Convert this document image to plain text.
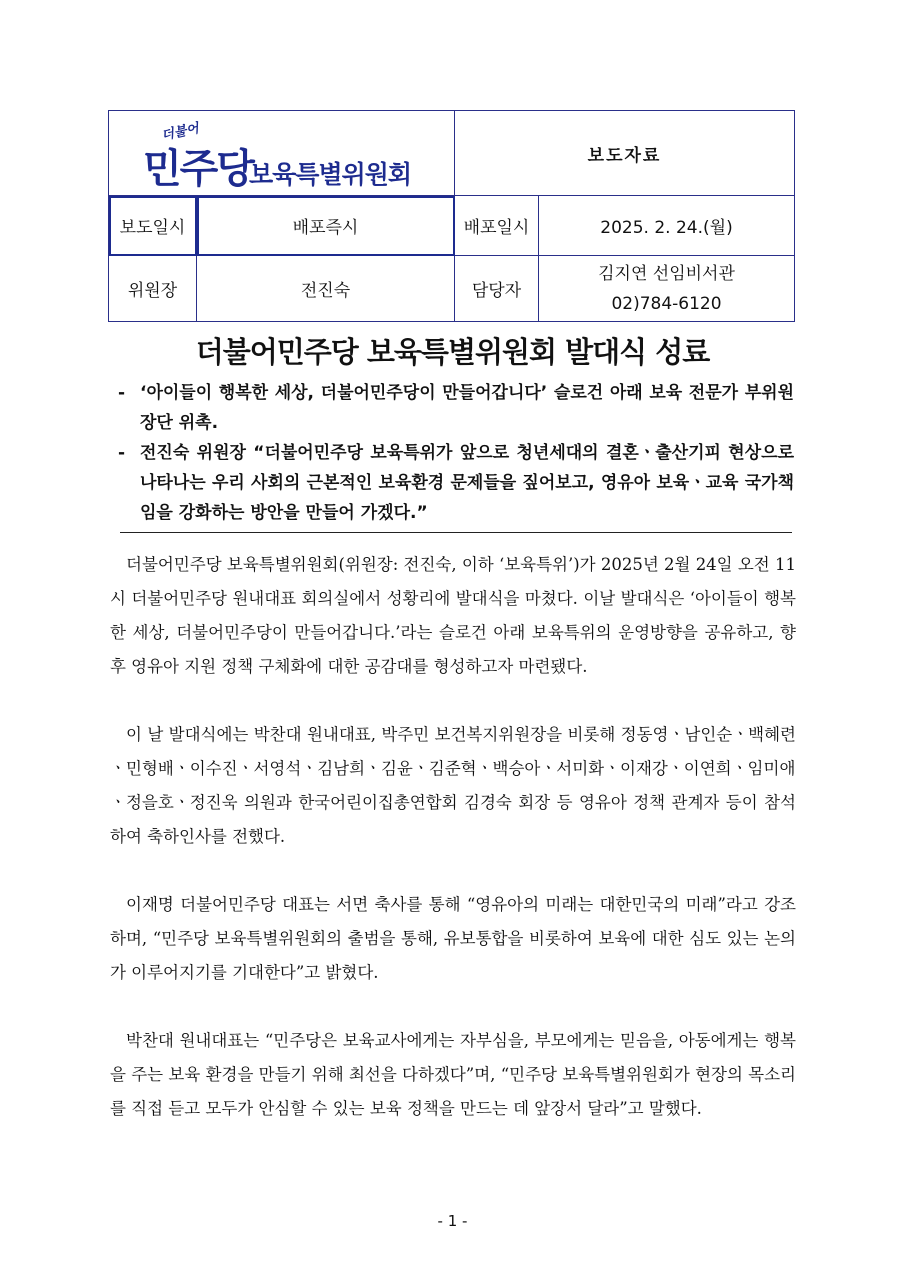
더불어
민주당
보육특별위원회		보도자료	
보도일시	배포즉시	배포일시	2025. 2. 24.(월)
위원장	전진숙	담당자	김지연 선임비서관
02)784-6120
더불어민주당 보육특별위원회 발대식 성료
- ‘아이들이 행복한 세상, 더불어민주당이 만들어갑니다’ 슬로건 아래 보육 전문가 부위원장단 위촉.
- 전진숙 위원장 “더불어민주당 보육특위가 앞으로 청년세대의 결혼ㆍ출산기피 현상으로 나타나는 우리 사회의 근본적인 보육환경 문제들을 짚어보고, 영유아 보육ㆍ교육 국가책임을 강화하는 방안을 만들어 가겠다.”

더불어민주당 보육특별위원회(위원장: 전진숙, 이하 ‘보육특위’)가 2025년 2월 24일 오전 11시 더불어민주당 원내대표 회의실에서 성황리에 발대식을 마쳤다. 이날 발대식은 ‘아이들이 행복한 세상, 더불어민주당이 만들어갑니다.’라는 슬로건 아래 보육특위의 운영방향을 공유하고, 향후 영유아 지원 정책 구체화에 대한 공감대를 형성하고자 마련됐다.

이 날 발대식에는 박찬대 원내대표, 박주민 보건복지위원장을 비롯해 정동영ㆍ남인순ㆍ백혜련ㆍ민형배ㆍ이수진ㆍ서영석ㆍ김남희ㆍ김윤ㆍ김준혁ㆍ백승아ㆍ서미화ㆍ이재강ㆍ이연희ㆍ임미애ㆍ정을호ㆍ정진욱 의원과 한국어린이집총연합회 김경숙 회장 등 영유아 정책 관계자 등이 참석하여 축하인사를 전했다.

이재명 더불어민주당 대표는 서면 축사를 통해 “영유아의 미래는 대한민국의 미래”라고 강조하며, “민주당 보육특별위원회의 출범을 통해, 유보통합을 비롯하여 보육에 대한 심도 있는 논의가 이루어지기를 기대한다”고 밝혔다.

박찬대 원내대표는 “민주당은 보육교사에게는 자부심을, 부모에게는 믿음을, 아동에게는 행복을 주는 보육 환경을 만들기 위해 최선을 다하겠다”며, “민주당 보육특별위원회가 현장의 목소리를 직접 듣고 모두가 안심할 수 있는 보육 정책을 만드는 데 앞장서 달라”고 말했다.

- 1 -
